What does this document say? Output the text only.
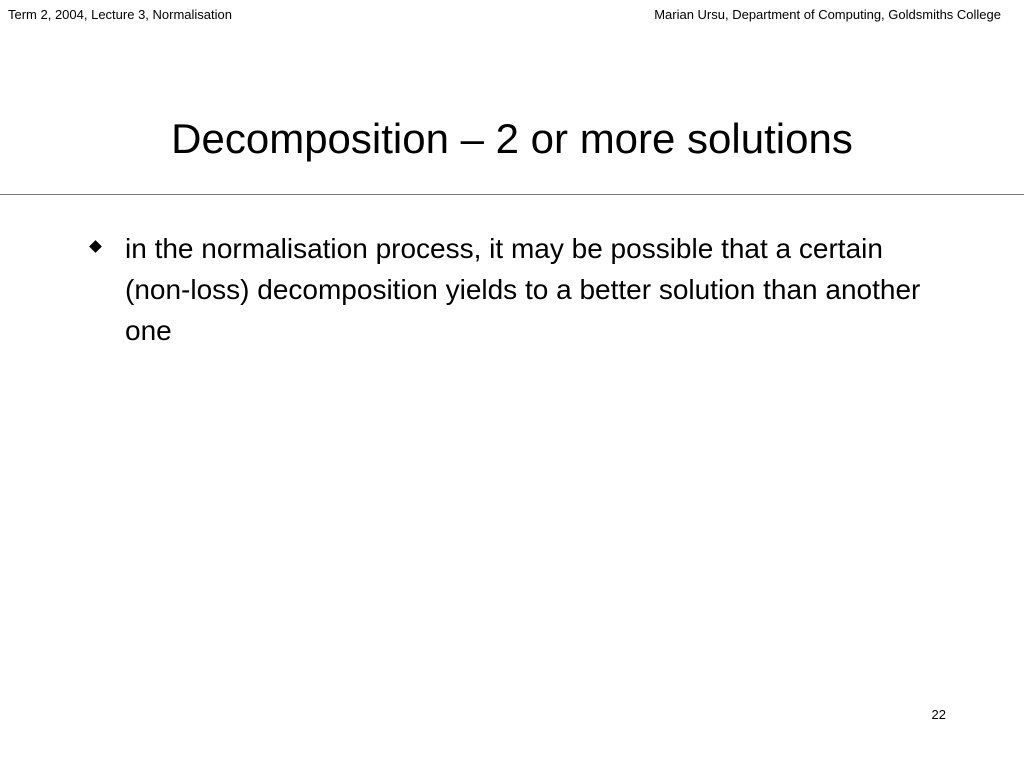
Term 2, 2004, Lecture 3, Normalisation	Marian Ursu, Department of Computing, Goldsmiths College
Decomposition – 2 or more solutions
in the normalisation process, it may be possible that a certain (non-loss) decomposition yields to a better solution than another one
22
